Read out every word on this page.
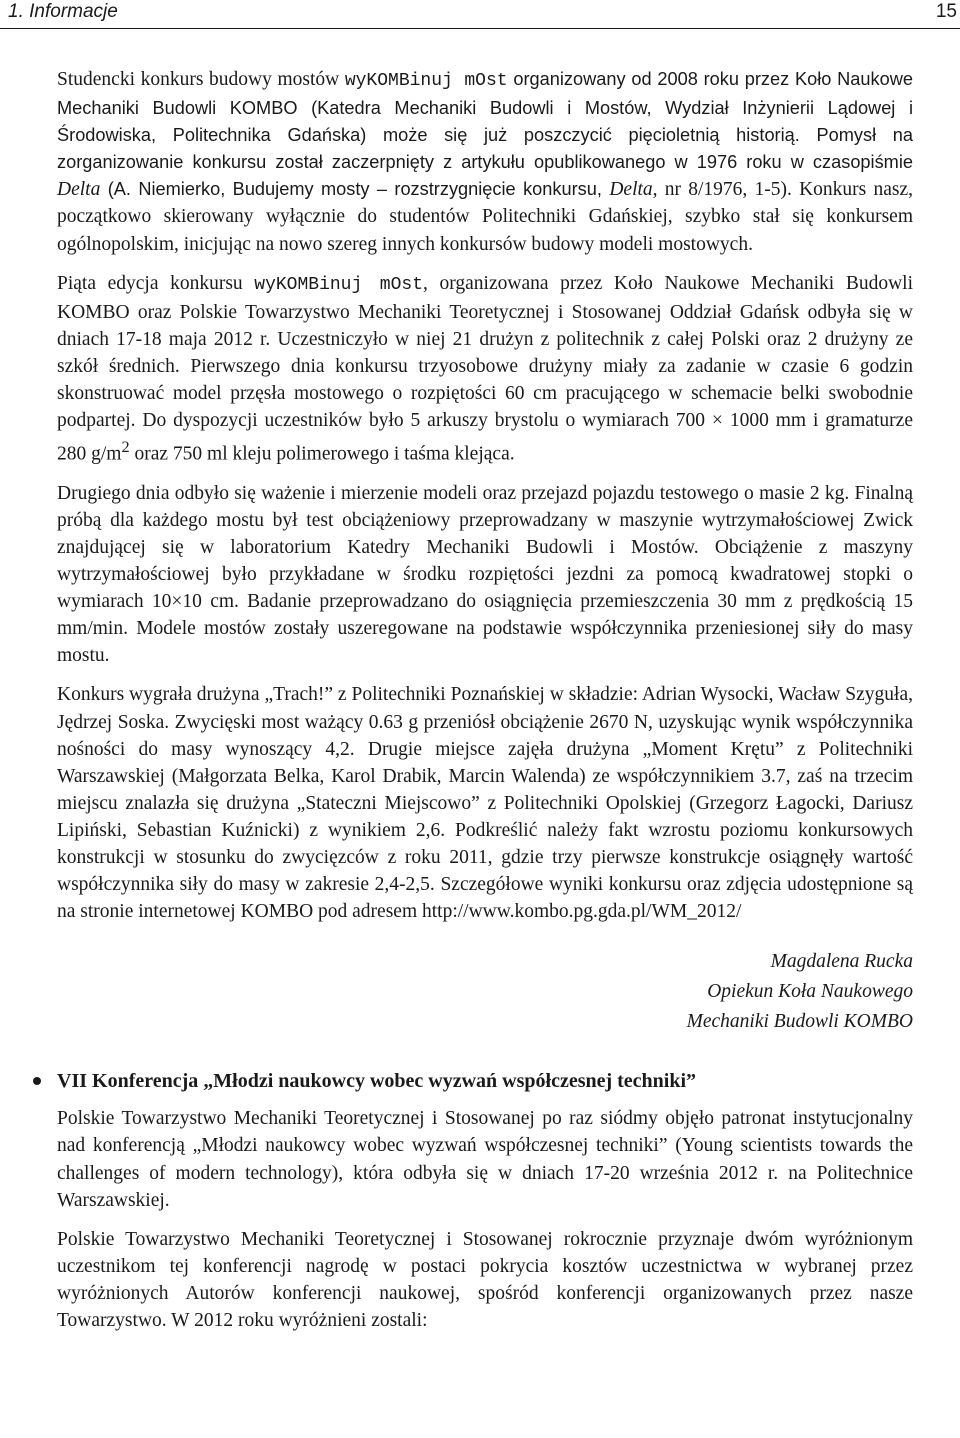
1. Informacje	15

Studencki konkurs budowy mostów wyKOMBinuj mOst organizowany od 2008 roku przez Koło Naukowe Mechaniki Budowli KOMBO (Katedra Mechaniki Budowli i Mostów, Wydział Inżynierii Lądowej i Środowiska, Politechnika Gdańska) może się już poszczycić pięcioletnią historią. Pomysł na zorganizowanie konkursu został zaczerpnięty z artykułu opublikowanego w 1976 roku w czasopiśmie Delta (A. Niemierko, Budujemy mosty – rozstrzygnięcie konkursu, Delta, nr 8/1976, 1-5). Konkurs nasz, początkowo skierowany wyłącznie do studentów Politechniki Gdańskiej, szybko stał się konkursem ogólnopolskim, inicjując na nowo szereg innych konkursów budowy modeli mostowych.

Piąta edycja konkursu wyKOMBinuj mOst, organizowana przez Koło Naukowe Mechaniki Budowli KOMBO oraz Polskie Towarzystwo Mechaniki Teoretycznej i Stosowanej Oddział Gdańsk odbyła się w dniach 17-18 maja 2012 r. Uczestniczyło w niej 21 drużyn z politechnik z całej Polski oraz 2 drużyny ze szkół średnich. Pierwszego dnia konkursu trzyosobowe drużyny miały za zadanie w czasie 6 godzin skonstruować model przęsła mostowego o rozpiętości 60 cm pracującego w schemacie belki swobodnie podpartej. Do dyspozycji uczestników było 5 arkuszy brystolu o wymiarach 700 × 1000 mm i gramaturze 280 $g/m^2$ oraz 750 ml kleju polimerowego i taśma klejąca.

Drugiego dnia odbyło się ważenie i mierzenie modeli oraz przejazd pojazdu testowego o masie 2 kg. Finalną próbą dla każdego mostu był test obciążeniowy przeprowadzany w maszynie wytrzymałościowej Zwick znajdującej się w laboratorium Katedry Mechaniki Budowli i Mostów. Obciążenie z maszyny wytrzymałościowej było przykładane w środku rozpiętości jezdni za pomocą kwadratowej stopki o wymiarach 10×10 cm. Badanie przeprowadzano do osiągnięcia przemieszczenia 30 mm z prędkością 15 mm/min. Modele mostów zostały uszeregowane na podstawie współczynnika przeniesionej siły do masy mostu.

Konkurs wygrała drużyna „Trach!” z Politechniki Poznańskiej w składzie: Adrian Wysocki, Wacław Szyguła, Jędrzej Soska. Zwycięski most ważący 0.63 g przeniósł obciążenie 2670 N, uzyskując wynik współczynnika nośności do masy wynoszący 4,2. Drugie miejsce zajęła drużyna „Moment Krętu” z Politechniki Warszawskiej (Małgorzata Belka, Karol Drabik, Marcin Walenda) ze współczynnikiem 3.7, zaś na trzecim miejscu znalazła się drużyna „Stateczni Miejscowo” z Politechniki Opolskiej (Grzegorz Łagocki, Dariusz Lipiński, Sebastian Kuźnicki) z wynikiem 2,6. Podkreślić należy fakt wzrostu poziomu konkursowych konstrukcji w stosunku do zwycięzców z roku 2011, gdzie trzy pierwsze konstrukcje osiągnęły wartość współczynnika siły do masy w zakresie 2,4-2,5. Szczegółowe wyniki konkursu oraz zdjęcia udostępnione są na stronie internetowej KOMBO pod adresem http://www.kombo.pg.gda.pl/WM_2012/

Magdalena Rucka
Opiekun Koła Naukowego
Mechaniki Budowli KOMBO
VII Konferencja „Młodzi naukowcy wobec wyzwań współczesnej techniki”

Polskie Towarzystwo Mechaniki Teoretycznej i Stosowanej po raz siódmy objęło patronat instytucjonalny nad konferencją „Młodzi naukowcy wobec wyzwań współczesnej techniki” (Young scientists towards the challenges of modern technology), która odbyła się w dniach 17-20 września 2012 r. na Politechnice Warszawskiej.

Polskie Towarzystwo Mechaniki Teoretycznej i Stosowanej rokrocznie przyznaje dwóm wyróżnionym uczestnikom tej konferencji nagrodę w postaci pokrycia kosztów uczestnictwa w wybranej przez wyróżnionych Autorów konferencji naukowej, spośród konferencji organizowanych przez nasze Towarzystwo. W 2012 roku wyróżnieni zostali:
